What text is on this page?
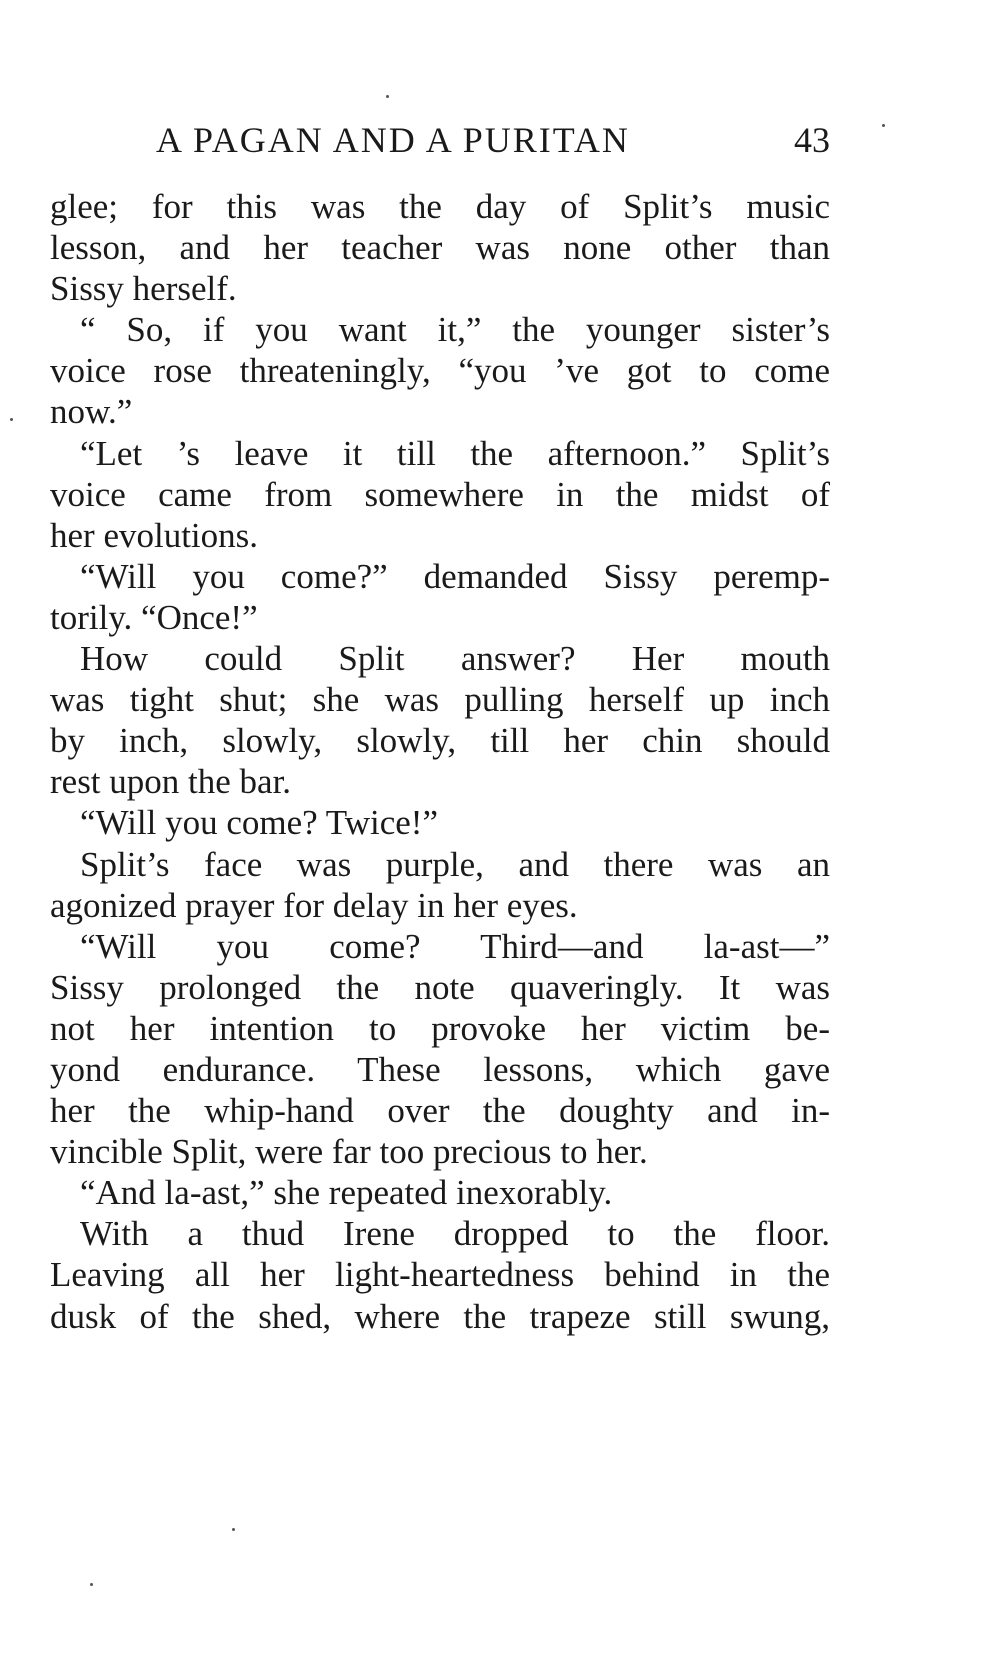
A PAGAN AND A PURITAN	43
glee; for this was the day of Split’s music
lesson, and her teacher was none other than
Sissy herself.
“ So, if you want it,” the younger sister’s
voice rose threateningly, “you ’ve got to come
now.”
“Let ’s leave it till the afternoon.” Split’s
voice came from somewhere in the midst of
her evolutions.
“Will you come?” demanded Sissy peremp-
torily. “Once!”
How could Split answer? Her mouth
was tight shut; she was pulling herself up inch
by inch, slowly, slowly, till her chin should
rest upon the bar.
“Will you come? Twice!”
Split’s face was purple, and there was an
agonized prayer for delay in her eyes.
“Will you come? Third—and la-ast—”
Sissy prolonged the note quaveringly. It was
not her intention to provoke her victim be-
yond endurance. These lessons, which gave
her the whip-hand over the doughty and in-
vincible Split, were far too precious to her.
“And la-ast,” she repeated inexorably.
With a thud Irene dropped to the floor.
Leaving all her light-heartedness behind in the
dusk of the shed, where the trapeze still swung,
